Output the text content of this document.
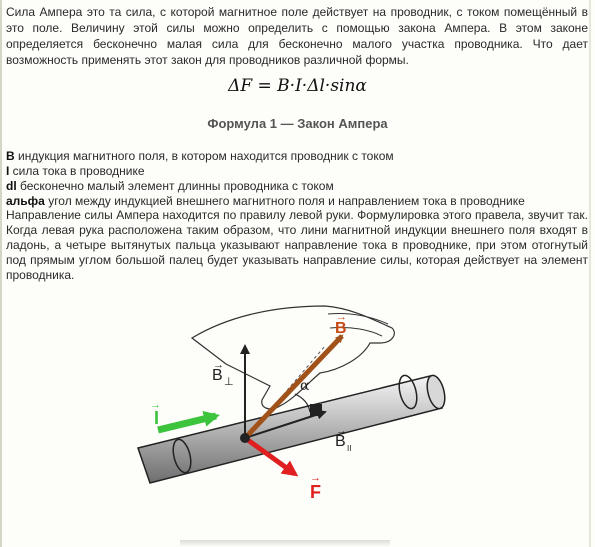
Сила Ампера это та сила, с которой магнитное поле действует на проводник, с током помещённый в это поле. Величину этой силы можно определить с помощью закона Ампера. В этом законе определяется бесконечно малая сила для бесконечно малого участка проводника. Что дает возможность применять этот закон для проводников различной формы.

ΔF = B·I·Δl·sinα

Формула 1 — Закон Ампера

B индукция магнитного поля, в котором находится проводник с током
I сила тока в проводнике
dl бесконечно малый элемент длинны проводника с током
альфа угол между индукцией внешнего магнитного поля и направлением тока в проводнике

Направление силы Ампера находится по правилу левой руки. Формулировка этого правела, звучит так. Когда левая рука расположена таким образом, что лини магнитной индукции внешнего поля входят в ладонь, а четыре вытянутых пальца указывают направление тока в проводнике, при этом отогнутый под прямым углом большой палец будет указывать направление силы, которая действует на элемент проводника.

B
→
B
→
⊥	α
B
→
II
I
→
F
→
